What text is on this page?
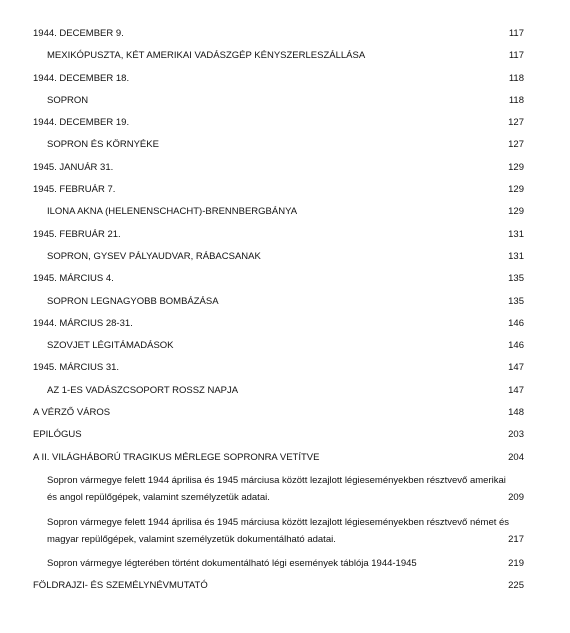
1944. DECEMBER 9.	117
MEXIKÓPUSZTA, KÉT AMERIKAI VADÁSZGÉP KÉNYSZERLESZÁLLÁSA	117
1944. DECEMBER 18.	118
SOPRON	118
1944. DECEMBER 19.	127
SOPRON ÉS KÖRNYÉKE	127
1945. JANUÁR 31.	129
1945. FEBRUÁR 7.	129
ILONA AKNA (HELENENSCHACHT)-BRENNBERGBÁNYA	129
1945. FEBRUÁR 21.	131
SOPRON, GYSEV PÁLYAUDVAR, RÁBACSANAK	131
1945. MÁRCIUS 4.	135
SOPRON LEGNAGYOBB BOMBÁZÁSA	135
1944. MÁRCIUS 28-31.	146
SZOVJET LÉGITÁMADÁSOK	146
1945. MÁRCIUS 31.	147
AZ 1-ES VADÁSZCSOPORT ROSSZ NAPJA	147
A VÉRZŐ VÁROS	148
EPILÓGUS	203
A II. VILÁGHÁBORÚ TRAGIKUS MÉRLEGE SOPRONRA VETÍTVE	204
Sopron vármegye felett 1944 áprilisa és 1945 márciusa között lezajlott légieseményekben résztvevő amerikai és angol repülőgépek, valamint személyzetük adatai.	209
Sopron vármegye felett 1944 áprilisa és 1945 márciusa között lezajlott légieseményekben résztvevő német és magyar repülőgépek, valamint személyzetük dokumentálható adatai.	217
Sopron vármegye légterében történt dokumentálható légi események táblója 1944-1945	219
FÖLDRAJZI- ÉS SZEMÉLYNÉVMUTATÓ	225
